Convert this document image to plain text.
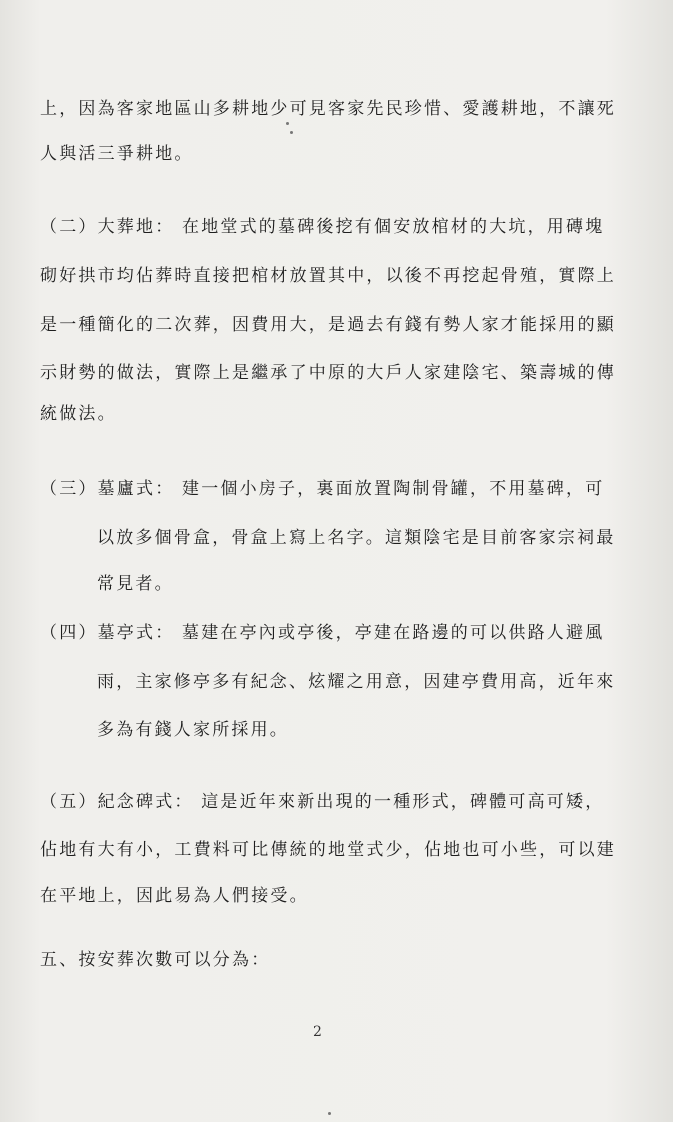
上，因為客家地區山多耕地少可見客家先民珍惜、愛護耕地，不讓死
人與活三爭耕地。
（二）大葬地： 在地堂式的墓碑後挖有個安放棺材的大坑，用磚塊
砌好拱市均佔葬時直接把棺材放置其中，以後不再挖起骨殖，實際上
是一種簡化的二次葬，因費用大，是過去有錢有勢人家才能採用的顯
示財勢的做法，實際上是繼承了中原的大戶人家建陰宅、築壽城的傳
統做法。
（三）墓廬式： 建一個小房子，裏面放置陶制骨罐，不用墓碑，可
以放多個骨盒，骨盒上寫上名字。這類陰宅是目前客家宗祠最
常見者。
（四）墓亭式： 墓建在亭內或亭後，亭建在路邊的可以供路人避風
雨，主家修亭多有紀念、炫耀之用意，因建亭費用高，近年來
多為有錢人家所採用。
（五）紀念碑式： 這是近年來新出現的一種形式，碑體可高可矮，
佔地有大有小，工費料可比傳統的地堂式少，佔地也可小些，可以建
在平地上，因此易為人們接受。
五、按安葬次數可以分為：
2
